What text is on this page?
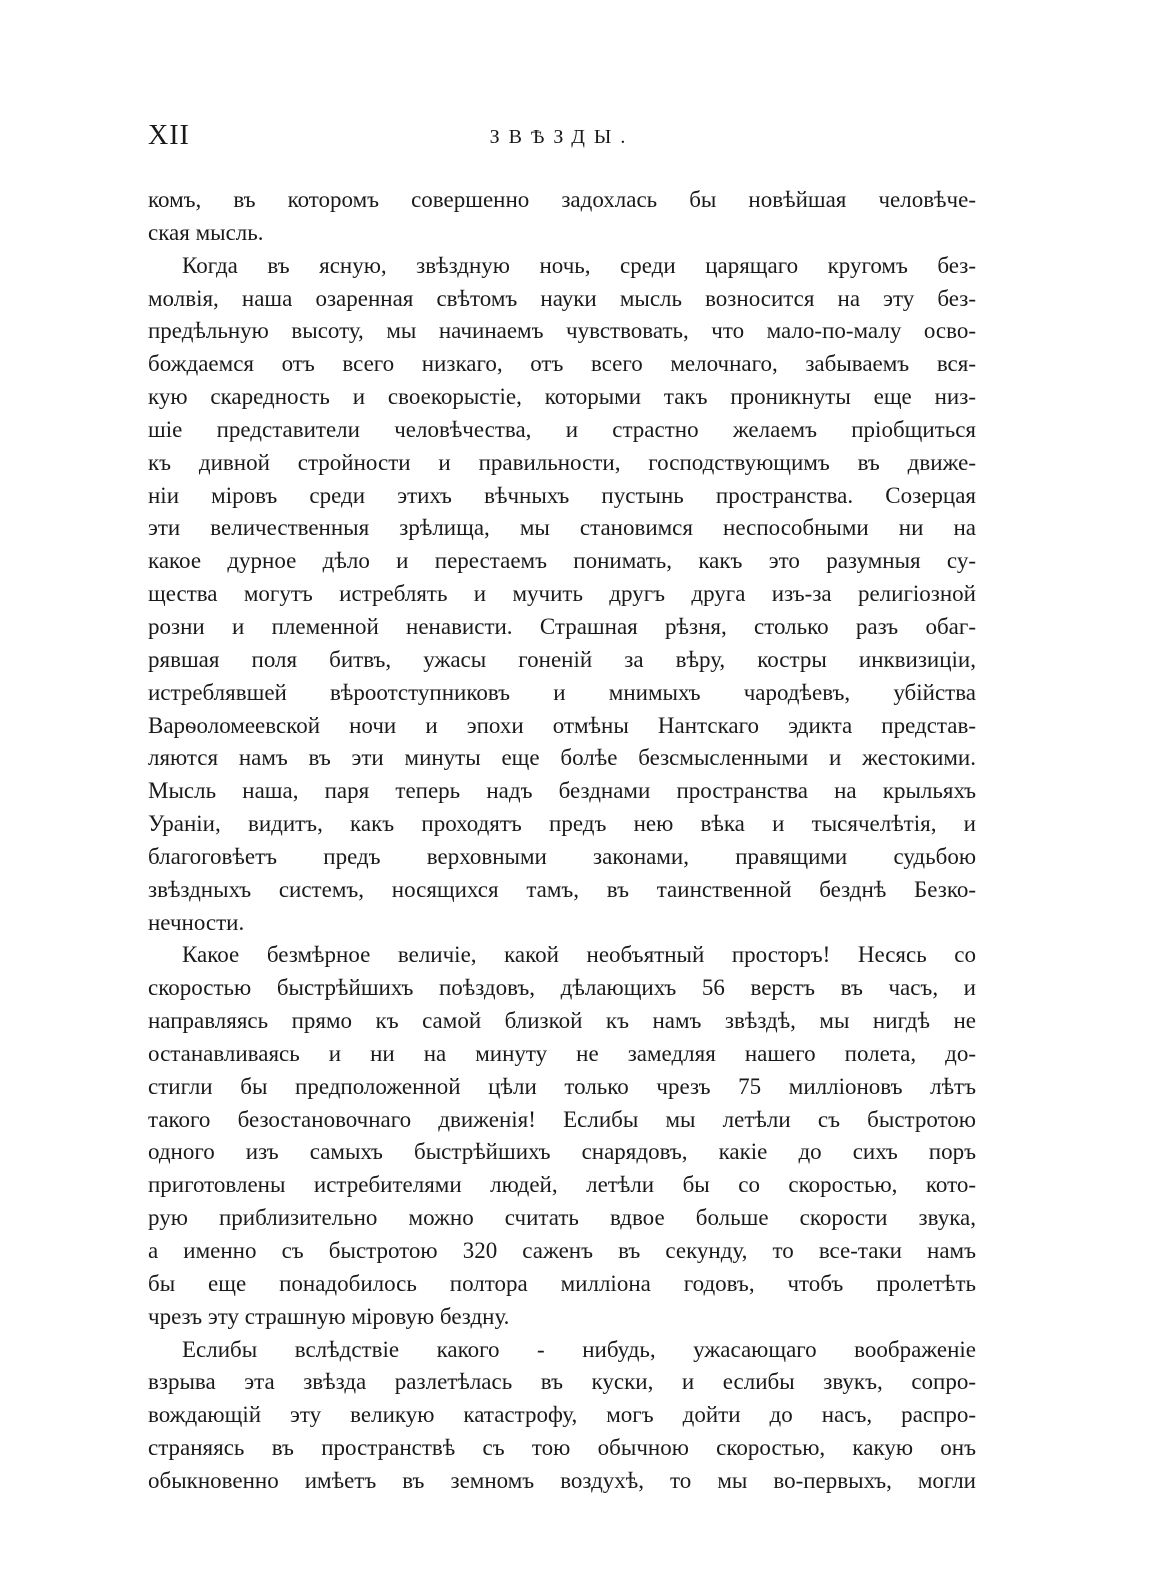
XII	ЗВѢЗДЫ.
комъ, въ которомъ совершенно задохлась бы новѣйшая человѣче-
ская мысль.
Когда въ ясную, звѣздную ночь, среди царящаго кругомъ без-
молвія, наша озаренная свѣтомъ науки мысль возносится на эту без-
предѣльную высоту, мы начинаемъ чувствовать, что мало-по-малу осво-
бождаемся отъ всего низкаго, отъ всего мелочнаго, забываемъ вся-
кую скаредность и своекорыстіе, которыми такъ проникнуты еще низ-
шіе представители человѣчества, и страстно желаемъ пріобщиться
къ дивной стройности и правильности, господствующимъ въ движе-
ніи міровъ среди этихъ вѣчныхъ пустынь пространства. Созерцая
эти величественныя зрѣлища, мы становимся неспособными ни на
какое дурное дѣло и перестаемъ понимать, какъ это разумныя су-
щества могутъ истреблять и мучить другъ друга изъ-за религіозной
розни и племенной ненависти. Страшная рѣзня, столько разъ обаг-
рявшая поля битвъ, ужасы гоненій за вѣру, костры инквизиціи,
истреблявшей вѣроотступниковъ и мнимыхъ чародѣевъ, убійства
Варѳоломеевской ночи и эпохи отмѣны Нантскаго эдикта представ-
ляются намъ въ эти минуты еще болѣе безсмысленными и жестокими.
Мысль наша, паря теперь надъ безднами пространства на крыльяхъ
Ураніи, видитъ, какъ проходятъ предъ нею вѣка и тысячелѣтія, и
благоговѣетъ предъ верховными законами, правящими судьбою
звѣздныхъ системъ, носящихся тамъ, въ таинственной безднѣ Безко-
нечности.
Какое безмѣрное величіе, какой необъятный просторъ! Несясь со
скоростью быстрѣйшихъ поѣздовъ, дѣлающихъ 56 верстъ въ часъ, и
направляясь прямо къ самой близкой къ намъ звѣздѣ, мы нигдѣ не
останавливаясь и ни на минуту не замедляя нашего полета, до-
стигли бы предположенной цѣли только чрезъ 75 милліоновъ лѣтъ
такого безостановочнаго движенія! Еслибы мы летѣли съ быстротою
одного изъ самыхъ быстрѣйшихъ снарядовъ, какіе до сихъ поръ
приготовлены истребителями людей, летѣли бы со скоростью, кото-
рую приблизительно можно считать вдвое больше скорости звука,
а именно съ быстротою 320 саженъ въ секунду, то все-таки намъ
бы еще понадобилось полтора милліона годовъ, чтобъ пролетѣть
чрезъ эту страшную міровую бездну.
Еслибы вслѣдствіе какого - нибудь, ужасающаго воображеніе
взрыва эта звѣзда разлетѣлась въ куски, и еслибы звукъ, сопро-
вождающій эту великую катастрофу, могъ дойти до насъ, распро-
страняясь въ пространствѣ съ тою обычною скоростью, какую онъ
обыкновенно имѣетъ въ земномъ воздухѣ, то мы во-первыхъ, могли
